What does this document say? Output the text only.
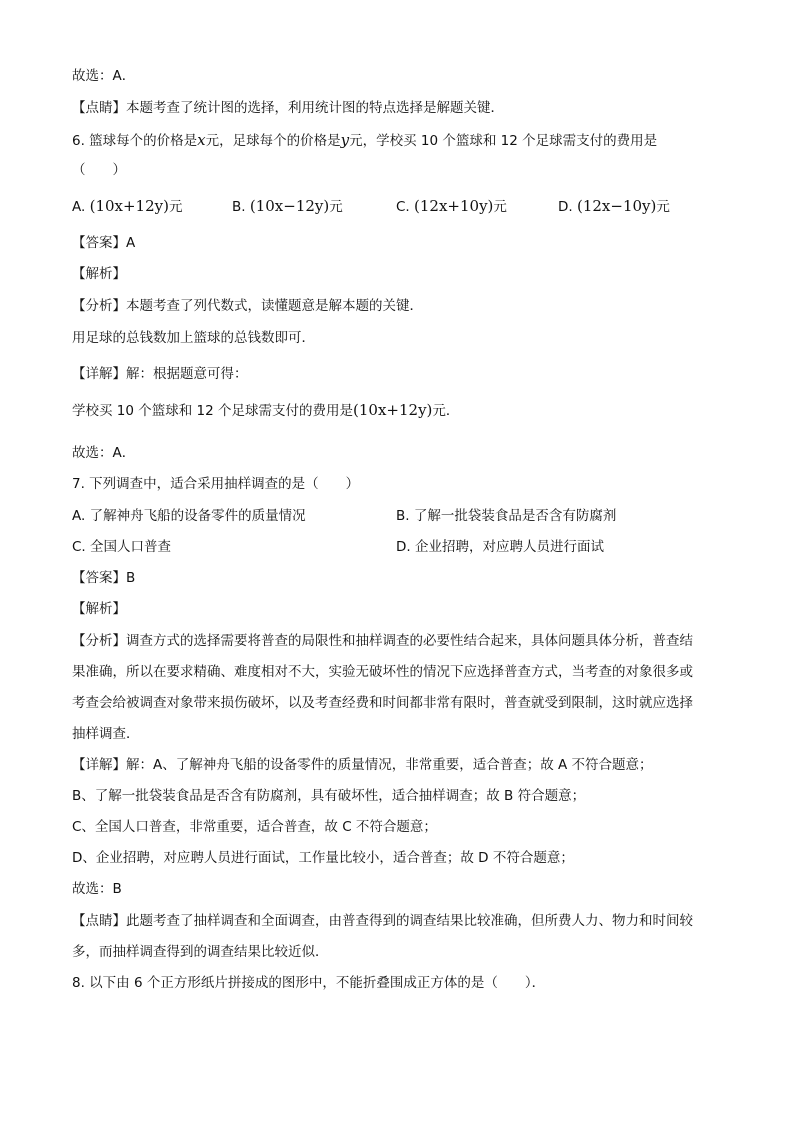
故选：A．
【点睛】本题考查了统计图的选择，利用统计图的特点选择是解题关键．
6. 篮球每个的价格是x元，足球每个的价格是y元，学校买 10 个篮球和 12 个足球需支付的费用是
（　　）
A. (10x+12y)元	B. (10x−12y)元	C. (12x+10y)元	D. (12x−10y)元
【答案】A
【解析】
【分析】本题考查了列代数式，读懂题意是解本题的关键．
用足球的总钱数加上篮球的总钱数即可．
【详解】解：根据题意可得：
学校买 10 个篮球和 12 个足球需支付的费用是(10x+12y)元．
故选：A．
7. 下列调查中，适合采用抽样调查的是（　　）
A. 了解神舟飞船的设备零件的质量情况	B. 了解一批袋装食品是否含有防腐剂
C. 全国人口普查	D. 企业招聘，对应聘人员进行面试
【答案】B
【解析】
【分析】调查方式的选择需要将普查的局限性和抽样调查的必要性结合起来，具体问题具体分析，普查结
果准确，所以在要求精确、难度相对不大，实验无破坏性的情况下应选择普查方式，当考查的对象很多或
考查会给被调查对象带来损伤破坏，以及考查经费和时间都非常有限时，普查就受到限制，这时就应选择
抽样调查．
【详解】解：A、了解神舟飞船的设备零件的质量情况，非常重要，适合普查；故 A 不符合题意；
B、了解一批袋装食品是否含有防腐剂，具有破坏性，适合抽样调查；故 B 符合题意；
C、全国人口普查，非常重要，适合普查，故 C 不符合题意；
D、企业招聘，对应聘人员进行面试，工作量比较小，适合普查；故 D 不符合题意；
故选：B
【点睛】此题考查了抽样调查和全面调查，由普查得到的调查结果比较准确，但所费人力、物力和时间较
多，而抽样调查得到的调查结果比较近似．
8. 以下由 6 个正方形纸片拼接成的图形中，不能折叠围成正方体的是（　　）．
